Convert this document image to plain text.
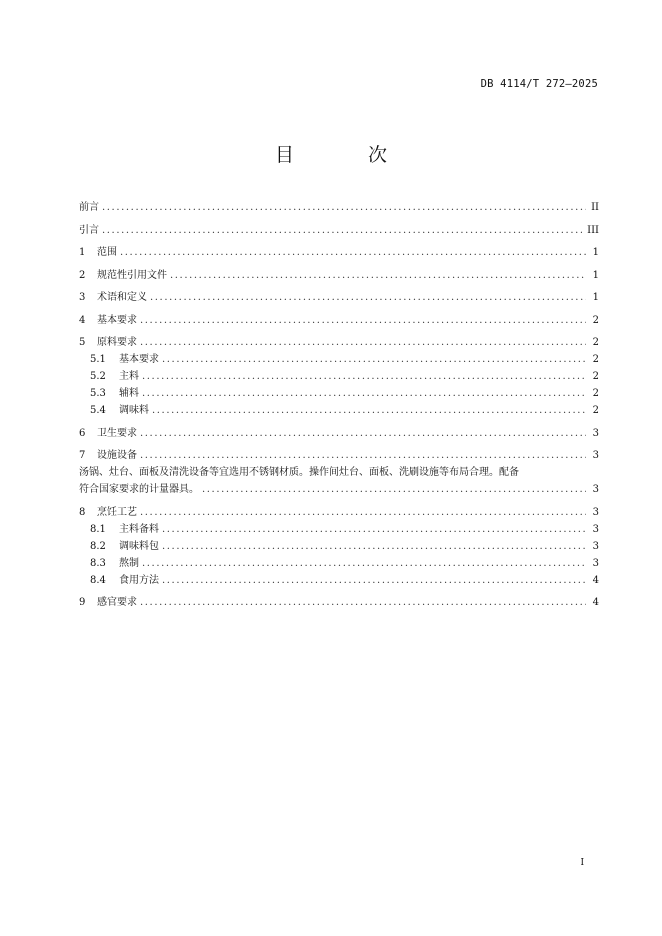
DB 4114/T 272—2025
目 次
前言 .....	II
引言 .....	III
1	范围 .....	1
2	规范性引用文件 .....	1
3	术语和定义 .....	1
4	基本要求 .....	2
5	原料要求 .....	2
5.1	基本要求 .....	2
5.2	主料 .....	2
5.3	辅料 .....	2
5.4	调味料 .....	2
6	卫生要求 .....	3
7	设施设备 .....	3
汤锅、灶台、面板及清洗设备等宜选用不锈钢材质。操作间灶台、面板、洗刷设施等布局合理。配备
符合国家要求的计量器具。 .....	3
8	烹饪工艺 .....	3
8.1	主料备料 .....	3
8.2	调味料包 .....	3
8.3	熬制 .....	3
8.4	食用方法 .....	4
9	感官要求 .....	4
I
